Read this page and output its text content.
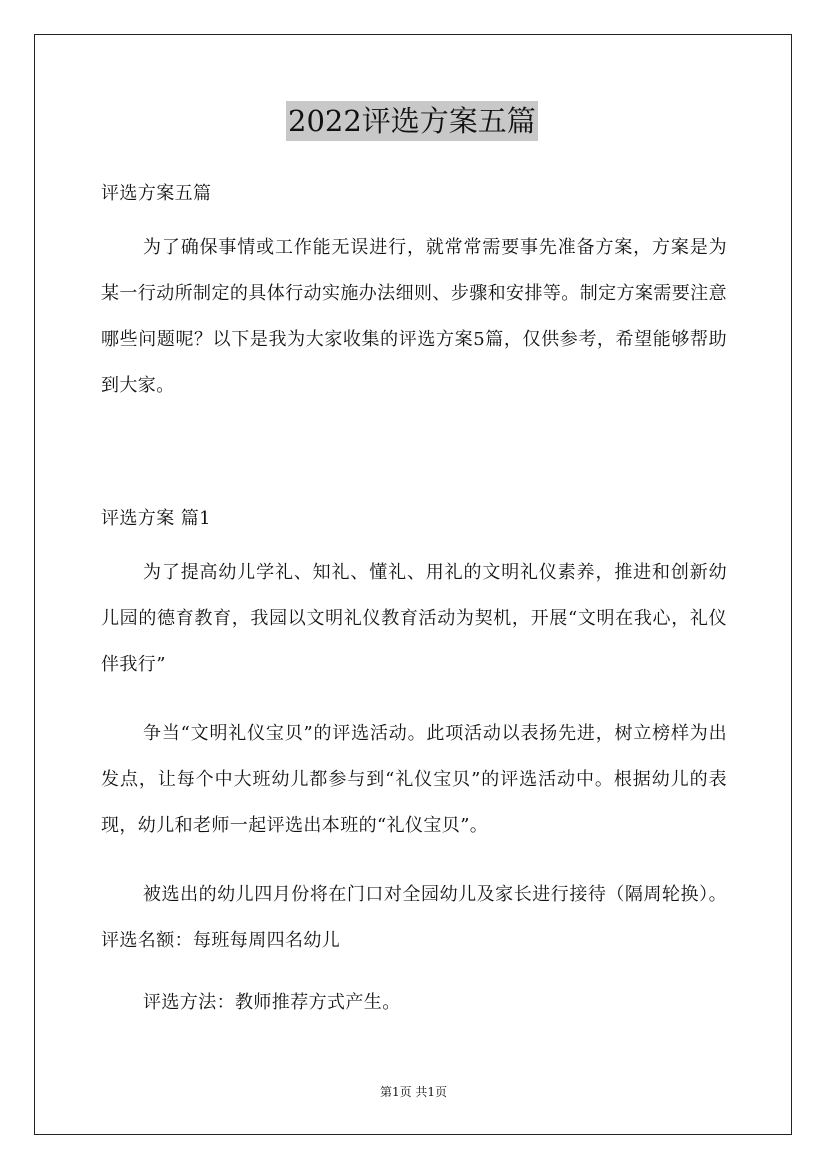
2022评选方案五篇
评选方案五篇
为了确保事情或工作能无误进行，就常常需要事先准备方案，方案是为某一行动所制定的具体行动实施办法细则、步骤和安排等。制定方案需要注意哪些问题呢？以下是我为大家收集的评选方案5篇，仅供参考，希望能够帮助到大家。
评选方案 篇1
为了提高幼儿学礼、知礼、懂礼、用礼的文明礼仪素养，推进和创新幼儿园的德育教育，我园以文明礼仪教育活动为契机，开展“文明在我心，礼仪伴我行”
争当“文明礼仪宝贝”的评选活动。此项活动以表扬先进，树立榜样为出发点，让每个中大班幼儿都参与到“礼仪宝贝”的评选活动中。根据幼儿的表现，幼儿和老师一起评选出本班的“礼仪宝贝”。
被选出的幼儿四月份将在门口对全园幼儿及家长进行接待（隔周轮换）。 评选名额：每班每周四名幼儿
评选方法：教师推荐方式产生。
第1页 共1页
